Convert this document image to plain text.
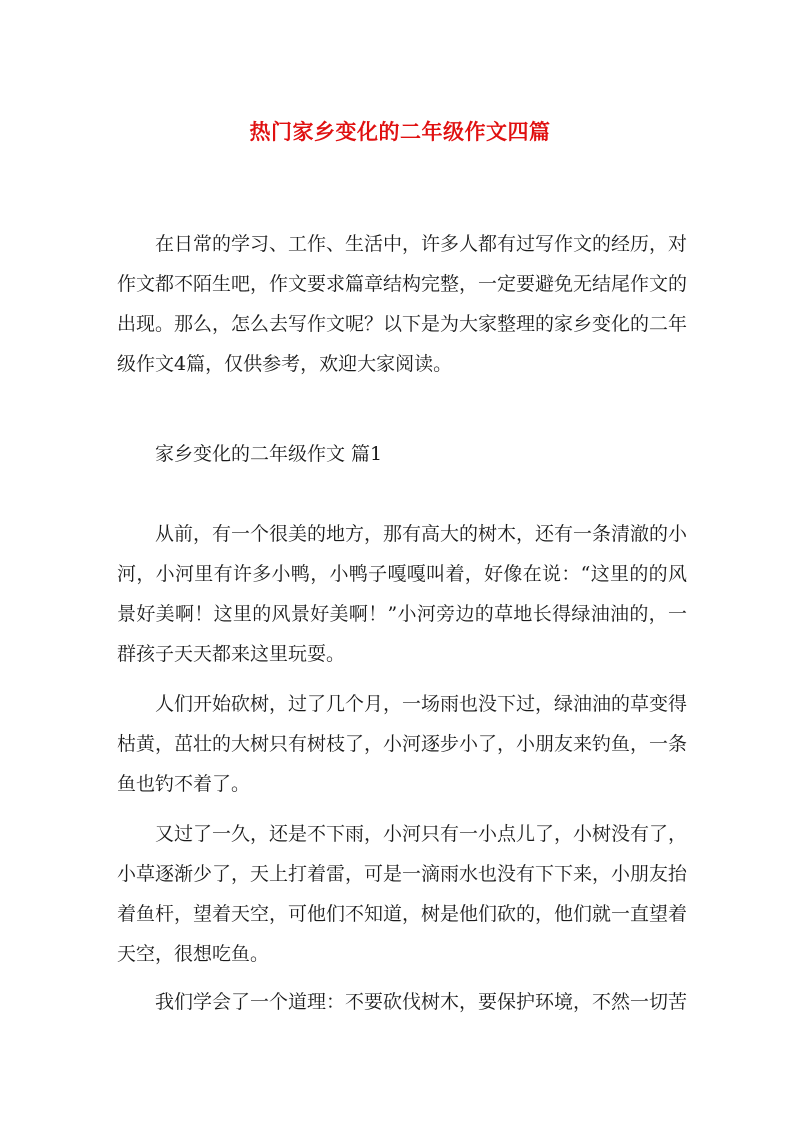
热门家乡变化的二年级作文四篇

在日常的学习、工作、生活中，许多人都有过写作文的经历，对作文都不陌生吧，作文要求篇章结构完整，一定要避免无结尾作文的出现。那么，怎么去写作文呢？以下是为大家整理的家乡变化的二年级作文4篇，仅供参考，欢迎大家阅读。

家乡变化的二年级作文 篇1

从前，有一个很美的地方，那有高大的树木，还有一条清澈的小河，小河里有许多小鸭，小鸭子嘎嘎叫着，好像在说：“这里的的风景好美啊！这里的风景好美啊！”小河旁边的草地长得绿油油的，一群孩子天天都来这里玩耍。

人们开始砍树，过了几个月，一场雨也没下过，绿油油的草变得枯黄，茁壮的大树只有树枝了，小河逐步小了，小朋友来钓鱼，一条鱼也钓不着了。

又过了一久，还是不下雨，小河只有一小点儿了，小树没有了，小草逐渐少了，天上打着雷，可是一滴雨水也没有下下来，小朋友抬着鱼杆，望着天空，可他们不知道，树是他们砍的，他们就一直望着天空，很想吃鱼。

我们学会了一个道理：不要砍伐树木，要保护环境，不然一切苦
